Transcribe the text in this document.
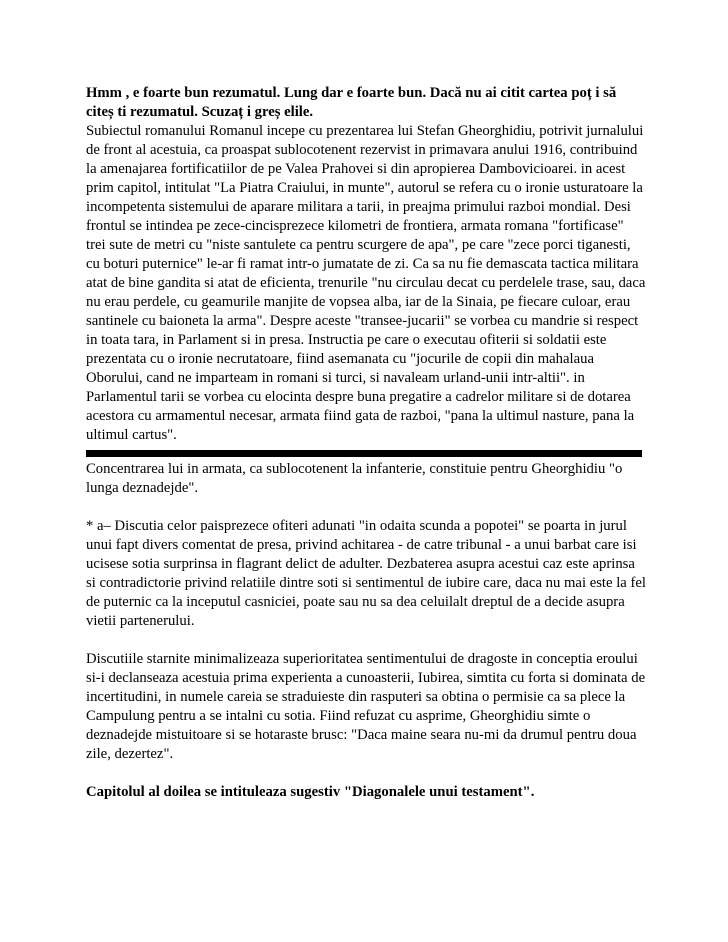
Hmm , e foarte bun rezumatul. Lung dar e foarte bun. Dacă nu ai citit cartea poț i să citeș ti rezumatul. Scuzaț i greș elile.

Subiectul romanului Romanul incepe cu prezentarea lui Stefan Gheorghidiu, potrivit jurnalului de front al acestuia, ca proaspat sublocotenent rezervist in primavara anului 1916, contribuind la amenajarea fortificatiilor de pe Valea Prahovei si din apropierea Dambovicioarei. in acest prim capitol, intitulat "La Piatra Craiului, in munte", autorul se refera cu o ironie usturatoare la incompetenta sistemului de aparare militara a tarii, in preajma primului razboi mondial. Desi frontul se intindea pe zece-cincisprezece kilometri de frontiera, armata romana "fortificase" trei sute de metri cu "niste santulete ca pentru scurgere de apa", pe care "zece porci tiganesti, cu boturi puternice" le-ar fi ramat intr-o jumatate de zi. Ca sa nu fie demascata tactica militara atat de bine gandita si atat de eficienta, trenurile "nu circulau decat cu perdelele trase, sau, daca nu erau perdele, cu geamurile manjite de vopsea alba, iar de la Sinaia, pe fiecare culoar, erau santinele cu baioneta la arma". Despre aceste "transee-jucarii" se vorbea cu mandrie si respect in toata tara, in Parlament si in presa. Instructia pe care o executau ofiterii si soldatii este prezentata cu o ironie necrutatoare, fiind asemanata cu "jocurile de copii din mahalaua Oborului, cand ne imparteam in romani si turci, si navaleam urland-unii intr-altii". in Parlamentul tarii se vorbea cu elocinta despre buna pregatire a cadrelor militare si de dotarea acestora cu armamentul necesar, armata fiind gata de razboi, "pana la ultimul nasture, pana la ultimul cartus".

Concentrarea lui in armata, ca sublocotenent la infanterie, constituie pentru Gheorghidiu "o lunga deznadejde".

* a– Discutia celor paisprezece ofiteri adunati "in odaita scunda a popotei" se poarta in jurul unui fapt divers comentat de presa, privind achitarea - de catre tribunal - a unui barbat care isi ucisese sotia surprinsa in flagrant delict de adulter. Dezbaterea asupra acestui caz este aprinsa si contradictorie privind relatiile dintre soti si sentimentul de iubire care, daca nu mai este la fel de puternic ca la inceputul casniciei, poate sau nu sa dea celuilalt dreptul de a decide asupra vietii partenerului.

Discutiile starnite minimalizeaza superioritatea sentimentului de dragoste in conceptia eroului si-i declanseaza acestuia prima experienta a cunoasterii, Iubirea, simtita cu forta si dominata de incertitudini, in numele careia se straduieste din rasputeri sa obtina o permisie ca sa plece la Campulung pentru a se intalni cu sotia. Fiind refuzat cu asprime, Gheorghidiu simte o deznadejde mistuitoare si se hotaraste brusc: "Daca maine seara nu-mi da drumul pentru doua zile, dezertez".

Capitolul al doilea se intituleaza sugestiv "Diagonalele unui testament".
